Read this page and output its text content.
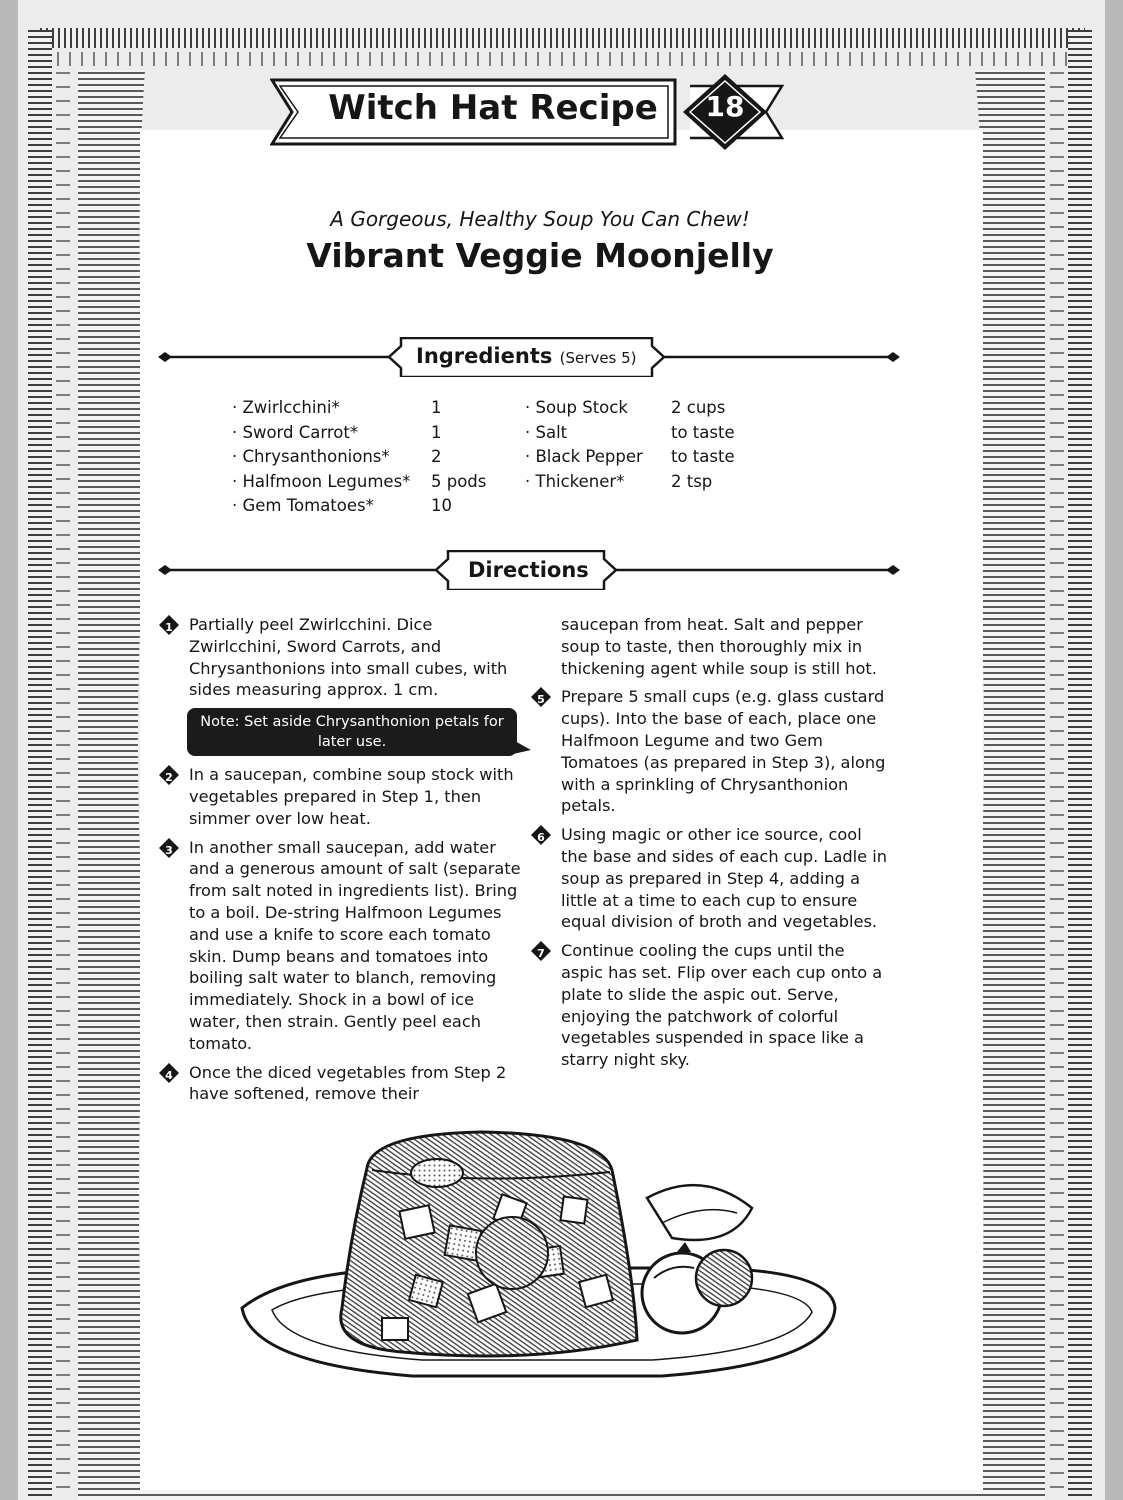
Witch Hat Recipe 18
A Gorgeous, Healthy Soup You Can Chew!
Vibrant Veggie Moonjelly
Ingredients (Serves 5)
· Zwirlcchini*	1
· Sword Carrot*	1
· Chrysanthonions*	2
· Halfmoon Legumes* 5 pods
· Gem Tomatoes*	10
· Soup Stock	2 cups
· Salt	to taste
· Black Pepper to taste
· Thickener*	2 tsp
Directions
1 Partially peel Zwirlcchini. Dice Zwirlcchini, Sword Carrots, and Chrysanthonions into small cubes, with sides measuring approx. 1 cm.
Note: Set aside Chrysanthonion petals for later use.
2 In a saucepan, combine soup stock with vegetables prepared in Step 1, then simmer over low heat.
3 In another small saucepan, add water and a generous amount of salt (separate from salt noted in ingredients list). Bring to a boil. De-string Halfmoon Legumes and use a knife to score each tomato skin. Dump beans and tomatoes into boiling salt water to blanch, removing immediately. Shock in a bowl of ice water, then strain. Gently peel each tomato.
4 Once the diced vegetables from Step 2 have softened, remove their
saucepan from heat. Salt and pepper soup to taste, then thoroughly mix in thickening agent while soup is still hot.
5 Prepare 5 small cups (e.g. glass custard cups). Into the base of each, place one Halfmoon Legume and two Gem Tomatoes (as prepared in Step 3), along with a sprinkling of Chrysanthonion petals.
6 Using magic or other ice source, cool the base and sides of each cup. Ladle in soup as prepared in Step 4, adding a little at a time to each cup to ensure equal division of broth and vegetables.
7 Continue cooling the cups until the aspic has set. Flip over each cup onto a plate to slide the aspic out. Serve, enjoying the patchwork of colorful vegetables suspended in space like a starry night sky.
